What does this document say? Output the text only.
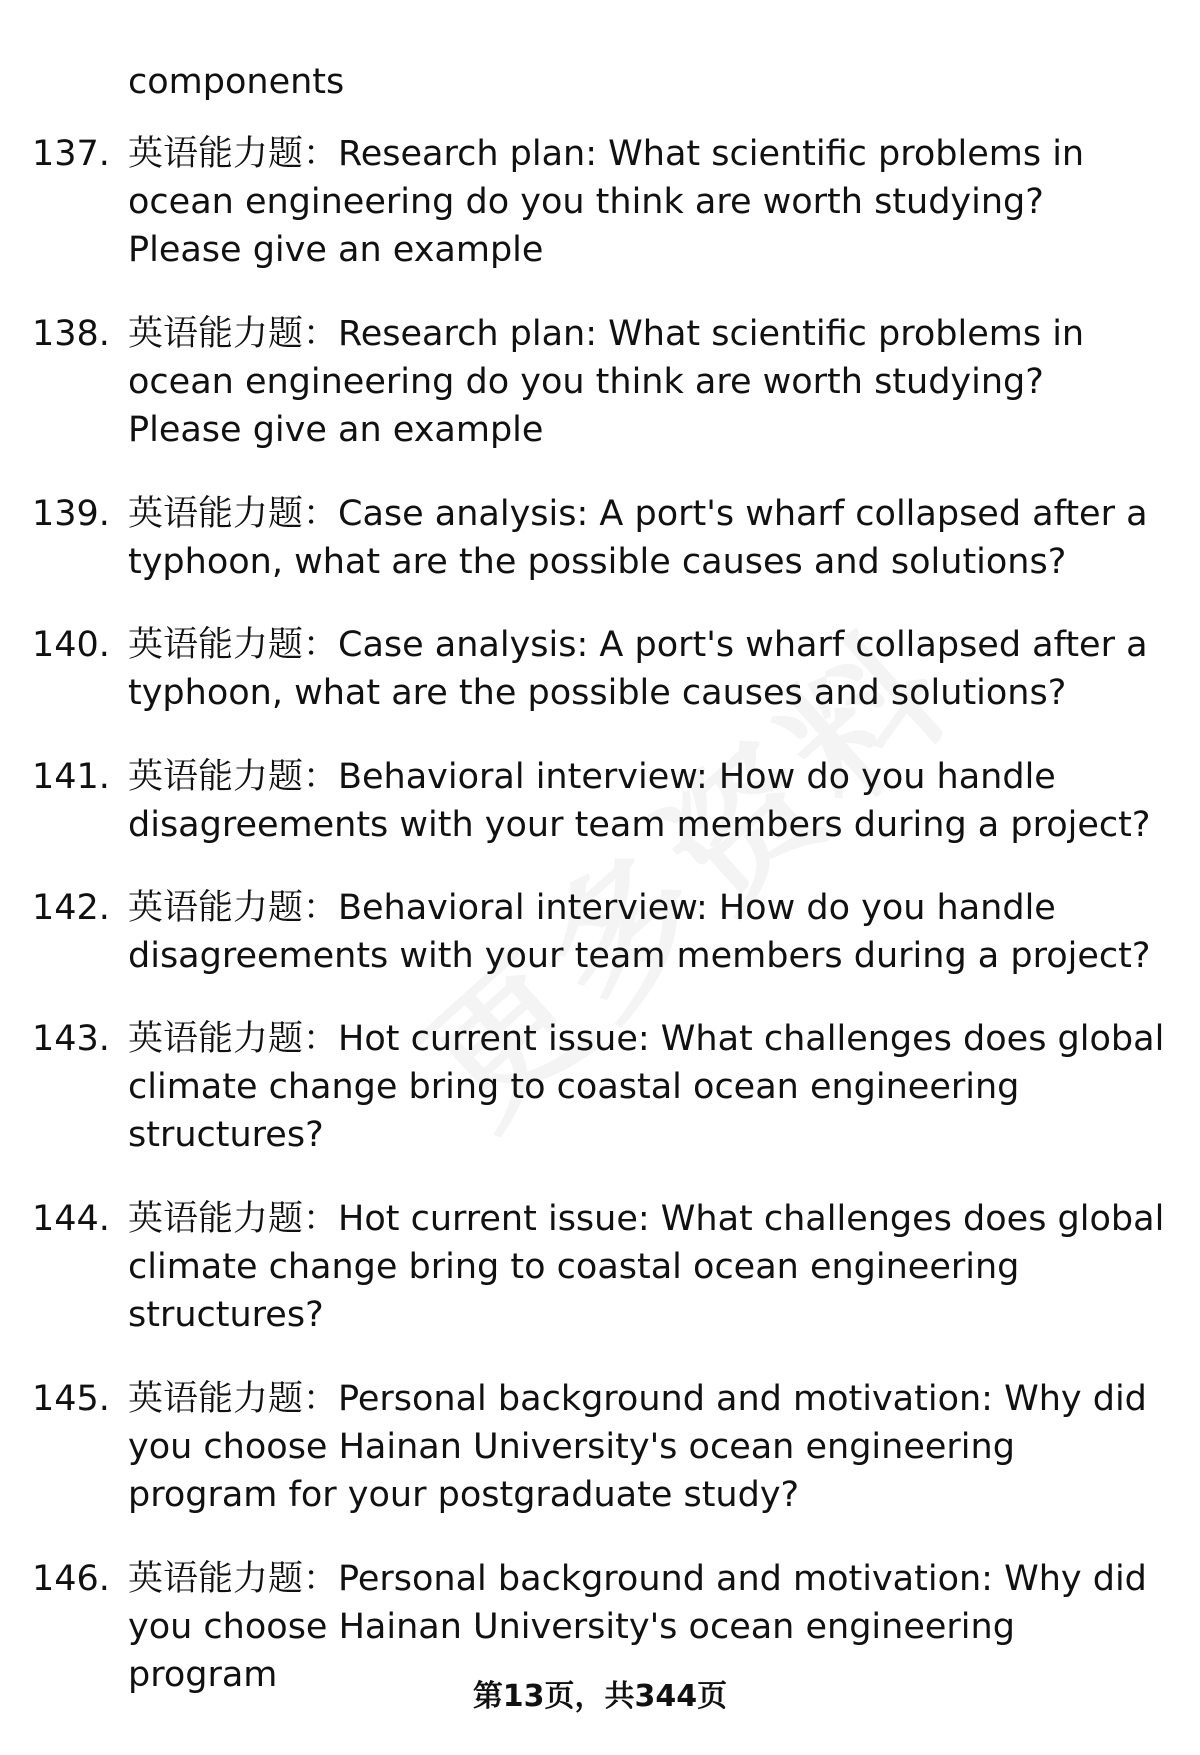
components
137. 英语能力题：Research plan: What scientific problems in ocean engineering do you think are worth studying? Please give an example
138. 英语能力题：Research plan: What scientific problems in ocean engineering do you think are worth studying? Please give an example
139. 英语能力题：Case analysis: A port's wharf collapsed after a typhoon, what are the possible causes and solutions?
140. 英语能力题：Case analysis: A port's wharf collapsed after a typhoon, what are the possible causes and solutions?
141. 英语能力题：Behavioral interview: How do you handle disagreements with your team members during a project?
142. 英语能力题：Behavioral interview: How do you handle disagreements with your team members during a project?
143. 英语能力题：Hot current issue: What challenges does global climate change bring to coastal ocean engineering structures?
144. 英语能力题：Hot current issue: What challenges does global climate change bring to coastal ocean engineering structures?
145. 英语能力题：Personal background and motivation: Why did you choose Hainan University's ocean engineering program for your postgraduate study?
146. 英语能力题：Personal background and motivation: Why did you choose Hainan University's ocean engineering program
第13页，共344页
